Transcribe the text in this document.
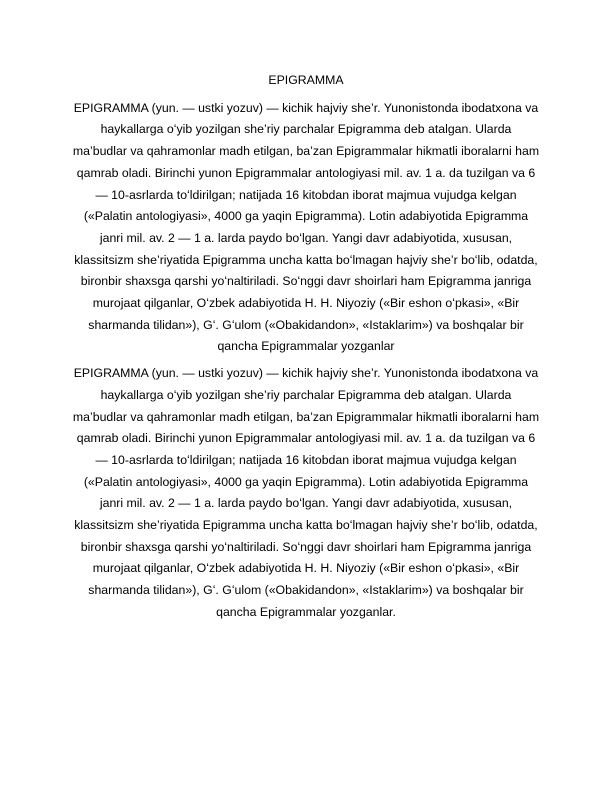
EPIGRAMMA

EPIGRAMMA (yun. — ustki yozuv) — kichik hajviy she’r. Yunonistonda ibodatxona va haykallarga oʻyib yozilgan she’riy parchalar Epigramma deb atalgan. Ularda ma’budlar va qahramonlar madh etilgan, ba’zan Epigrammalar hikmatli iboralarni ham qamrab oladi. Birinchi yunon Epigrammalar antologiyasi mil. av. 1 a. da tuzilgan va 6 — 10-asrlarda toʻldirilgan; natijada 16 kitobdan iborat majmua vujudga kelgan («Palatin antologiyasi», 4000 ga yaqin Epigramma). Lotin adabiyotida Epigramma janri mil. av. 2 — 1 a. larda paydo boʻlgan. Yangi davr adabiyotida, xususan, klassitsizm she’riyatida Epigramma uncha katta boʻlmagan hajviy she’r boʻlib, odatda, bironbir shaxsga qarshi yoʻnaltiriladi. Soʻnggi davr shoirlari ham Epigramma janriga murojaat qilganlar, Oʻzbek adabiyotida H. H. Niyoziy («Bir eshon oʻpkasi», «Bir sharmanda tilidan»), Gʻ. Gʻulom («Obakidandon», «Istaklarim») va boshqalar bir qancha Epigrammalar yozganlar

EPIGRAMMA (yun. — ustki yozuv) — kichik hajviy she’r. Yunonistonda ibodatxona va haykallarga oʻyib yozilgan she’riy parchalar Epigramma deb atalgan. Ularda ma’budlar va qahramonlar madh etilgan, ba’zan Epigrammalar hikmatli iboralarni ham qamrab oladi. Birinchi yunon Epigrammalar antologiyasi mil. av. 1 a. da tuzilgan va 6 — 10-asrlarda toʻldirilgan; natijada 16 kitobdan iborat majmua vujudga kelgan («Palatin antologiyasi», 4000 ga yaqin Epigramma). Lotin adabiyotida Epigramma janri mil. av. 2 — 1 a. larda paydo boʻlgan. Yangi davr adabiyotida, xususan, klassitsizm she’riyatida Epigramma uncha katta boʻlmagan hajviy she’r boʻlib, odatda, bironbir shaxsga qarshi yoʻnaltiriladi. Soʻnggi davr shoirlari ham Epigramma janriga murojaat qilganlar, Oʻzbek adabiyotida H. H. Niyoziy («Bir eshon oʻpkasi», «Bir sharmanda tilidan»), Gʻ. Gʻulom («Obakidandon», «Istaklarim») va boshqalar bir qancha Epigrammalar yozganlar.
